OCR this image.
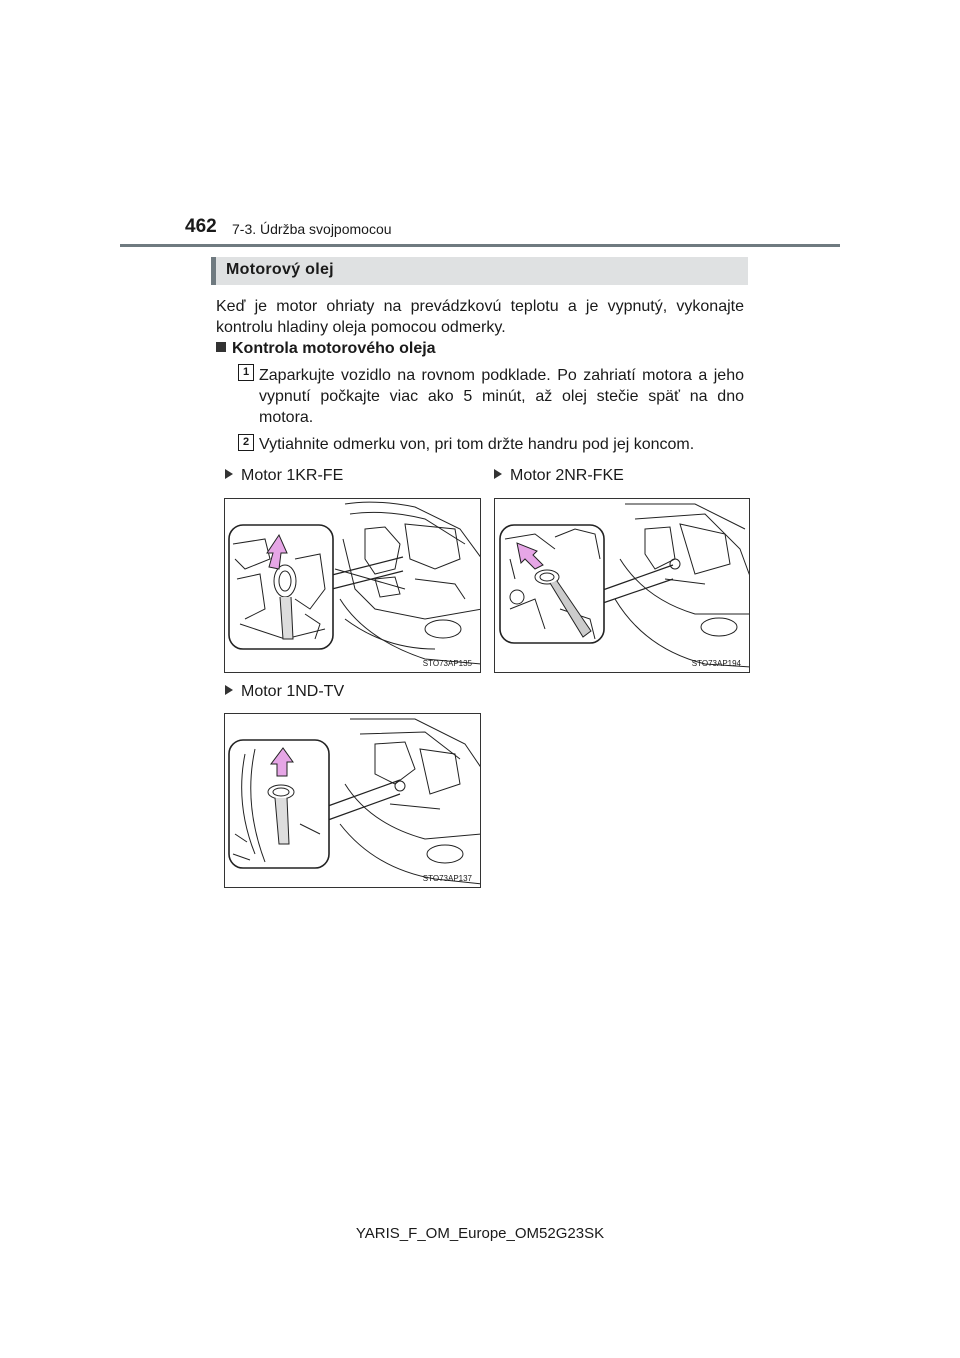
462 7-3. Údržba svojpomocou
Motorový olej
Keď je motor ohriaty na prevádzkovú teplotu a je vypnutý, vykonajte kontrolu hladiny oleja pomocou odmerky.
Kontrola motorového oleja
1 Zaparkujte vozidlo na rovnom podklade. Po zahriatí motora a jeho vypnutí počkajte viac ako 5 minút, až olej stečie späť na dno motora.
2 Vytiahnite odmerku von, pri tom držte handru pod jej koncom.
Motor 1KR-FE	Motor 2NR-FKE
STO73AP135	STO73AP194
Motor 1ND-TV
STO73AP137
YARIS_F_OM_Europe_OM52G23SK
